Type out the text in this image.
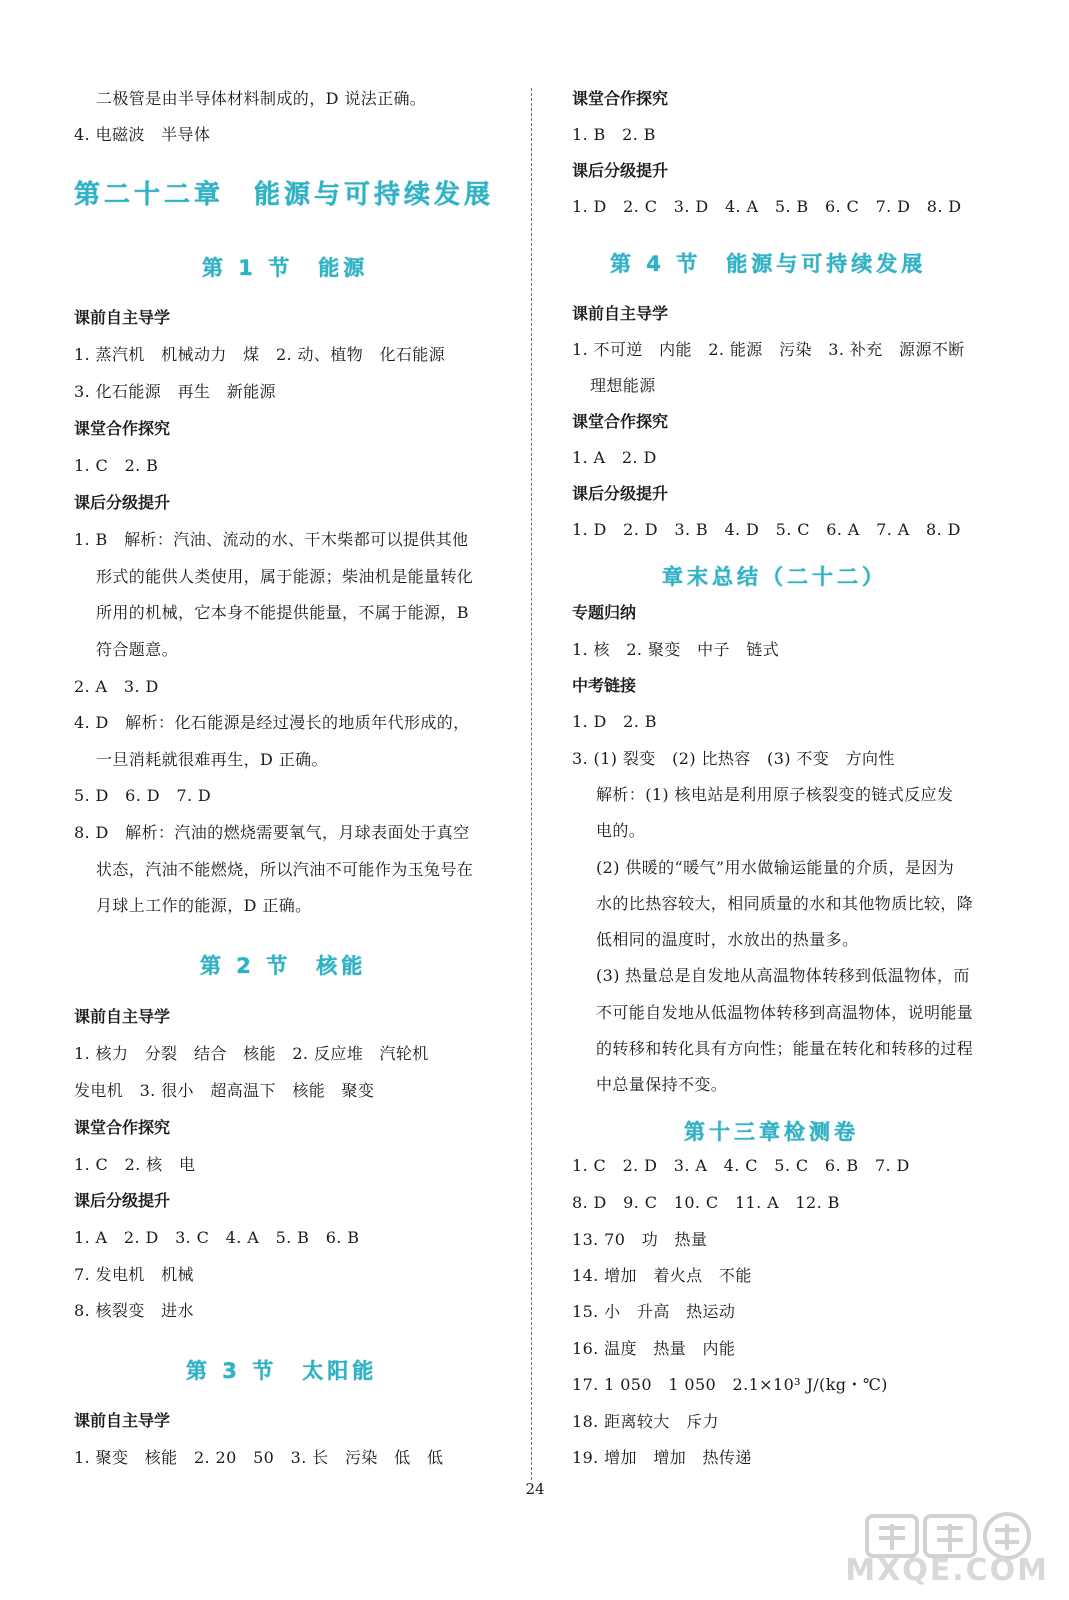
二极管是由半导体材料制成的，D 说法正确。
4. 电磁波　半导体
第二十二章　能源与可持续发展
第 1 节　能源
课前自主导学
1. 蒸汽机　机械动力　煤　2. 动、植物　化石能源
3. 化石能源　再生　新能源
课堂合作探究
1. C　2. B
课后分级提升
1. B　解析：汽油、流动的水、干木柴都可以提供其他
形式的能供人类使用，属于能源；柴油机是能量转化
所用的机械，它本身不能提供能量，不属于能源，B
符合题意。
2. A　3. D
4. D　解析：化石能源是经过漫长的地质年代形成的，
一旦消耗就很难再生，D 正确。
5. D　6. D　7. D
8. D　解析：汽油的燃烧需要氧气，月球表面处于真空
状态，汽油不能燃烧，所以汽油不可能作为玉兔号在
月球上工作的能源，D 正确。
第 2 节　核能
课前自主导学
1. 核力　分裂　结合　核能　2. 反应堆　汽轮机
发电机　3. 很小　超高温下　核能　聚变
课堂合作探究
1. C　2. 核　电
课后分级提升
1. A　2. D　3. C　4. A　5. B　6. B
7. 发电机　机械
8. 核裂变　进水
第 3 节　太阳能
课前自主导学
1. 聚变　核能　2. 20　50　3. 长　污染　低　低
课堂合作探究
1. B　2. B
课后分级提升
1. D　2. C　3. D　4. A　5. B　6. C　7. D　8. D
第 4 节　能源与可持续发展
课前自主导学
1. 不可逆　内能　2. 能源　污染　3. 补充　源源不断
理想能源
课堂合作探究
1. A　2. D
课后分级提升
1. D　2. D　3. B　4. D　5. C　6. A　7. A　8. D
章末总结（二十二）
专题归纳
1. 核　2. 聚变　中子　链式
中考链接
1. D　2. B
3. (1) 裂变　(2) 比热容　(3) 不变　方向性
解析：(1) 核电站是利用原子核裂变的链式反应发
电的。
(2) 供暖的“暖气”用水做输运能量的介质，是因为
水的比热容较大，相同质量的水和其他物质比较，降
低相同的温度时，水放出的热量多。
(3) 热量总是自发地从高温物体转移到低温物体，而
不可能自发地从低温物体转移到高温物体，说明能量
的转移和转化具有方向性；能量在转化和转移的过程
中总量保持不变。
第十三章检测卷
1. C　2. D　3. A　4. C　5. C　6. B　7. D
8. D　9. C　10. C　11. A　12. B
13. 70　功　热量
14. 增加　着火点　不能
15. 小　升高　热运动
16. 温度　热量　内能
17. 1 050　1 050　2.1×10³ J/(kg・℃)
18. 距离较大　斥力
19. 增加　增加　热传递
24
MXQE.COM
